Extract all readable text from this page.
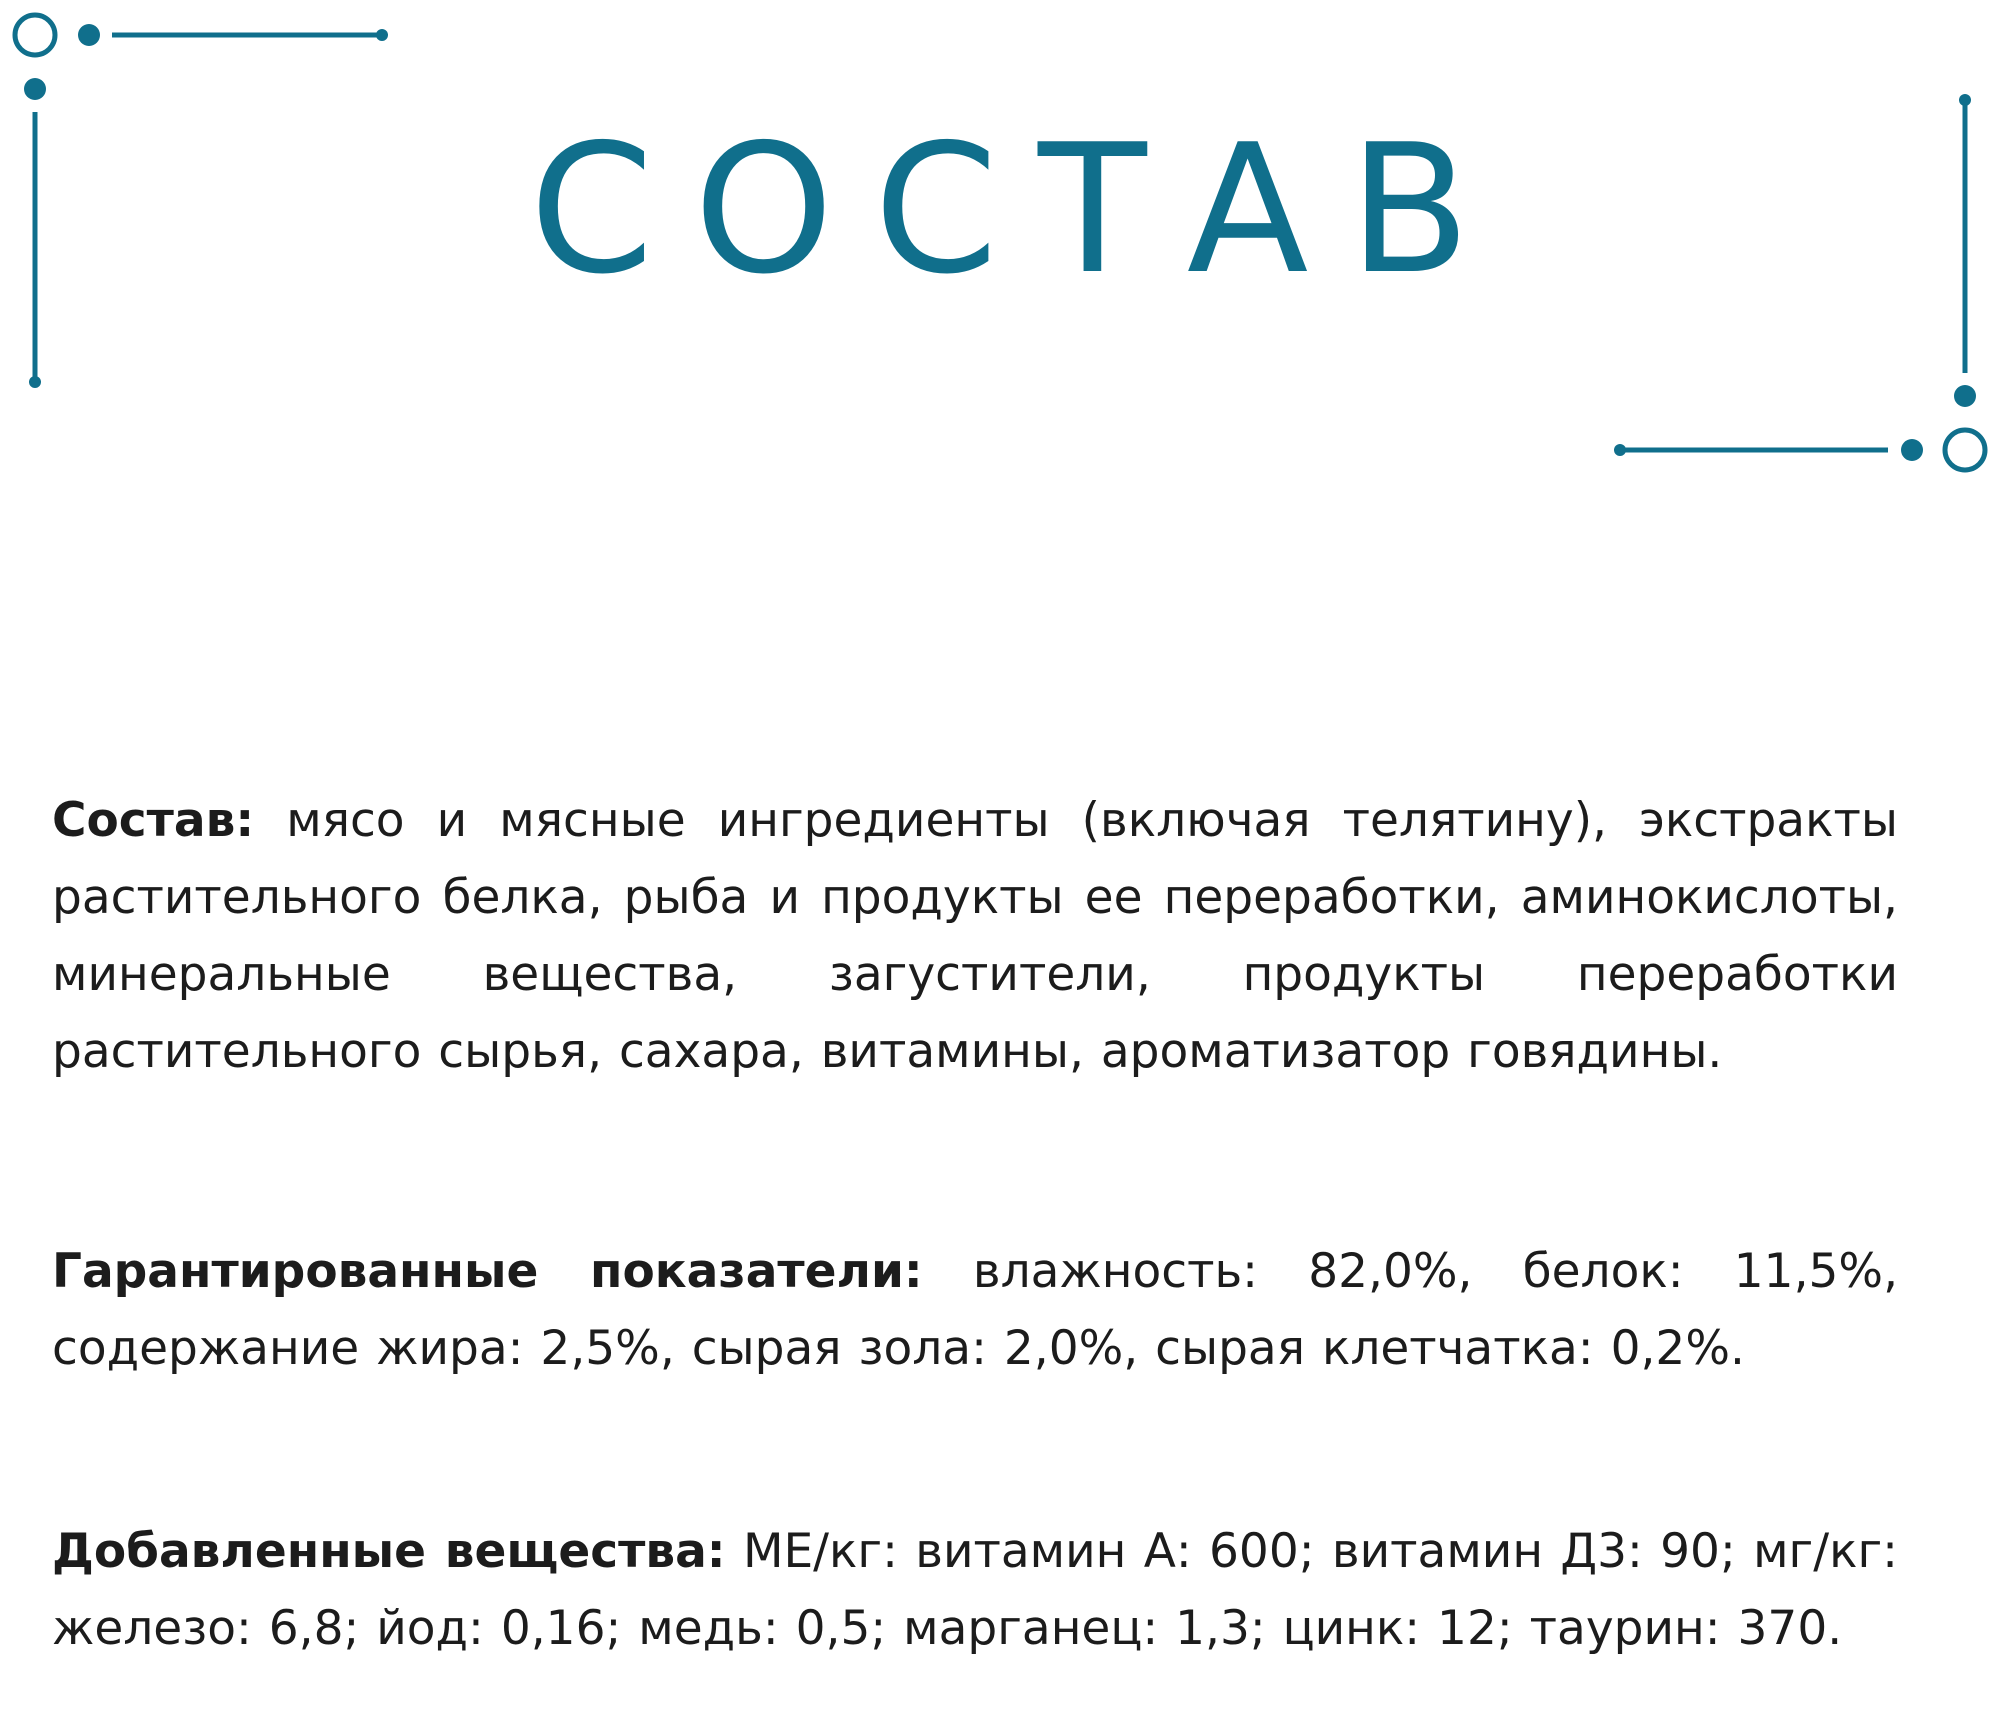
СОСТАВ
Состав: мясо и мясные ингредиенты (включая телятину), экстракты растительного белка, рыба и продукты ее переработки, аминокислоты, минеральные вещества, загустители, продукты переработки растительного сырья, сахара, витамины, ароматизатор говядины.
Гарантированные показатели: влажность: 82,0%, белок: 11,5%, содержание жира: 2,5%, сырая зола: 2,0%, сырая клетчатка: 0,2%.
Добавленные вещества: МЕ/кг: витамин А: 600; витамин Д3: 90; мг/кг: железо: 6,8; йод: 0,16; медь: 0,5; марганец: 1,3; цинк: 12; таурин: 370.
